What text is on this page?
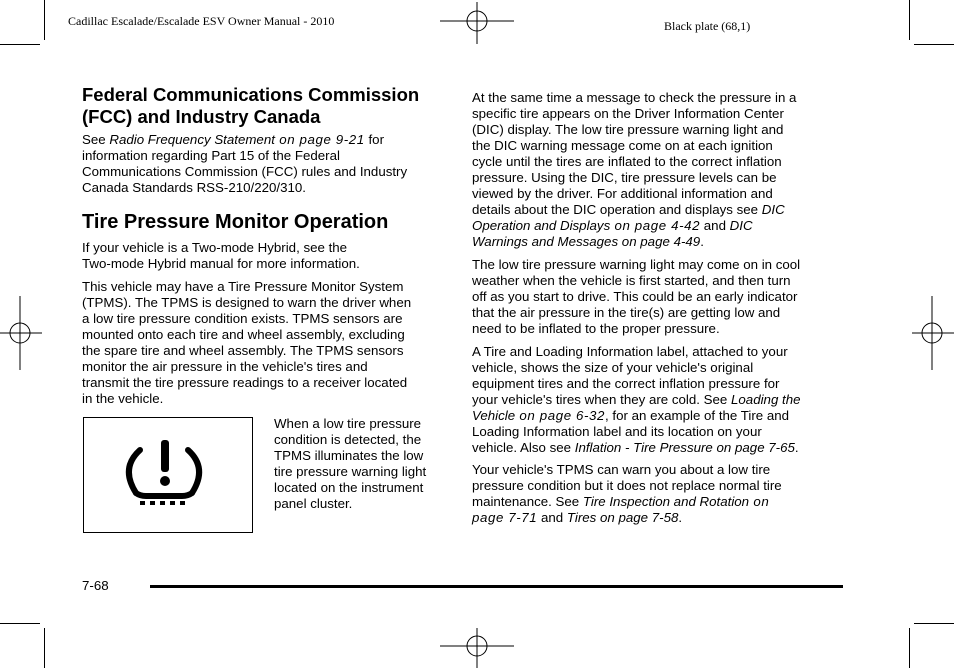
Cadillac Escalade/Escalade ESV Owner Manual - 2010	Black plate (68,1)
Federal Communications Commission
(FCC) and Industry Canada
See Radio Frequency Statement on page 9-21 for
information regarding Part 15 of the Federal
Communications Commission (FCC) rules and Industry
Canada Standards RSS-210/220/310.
Tire Pressure Monitor Operation
If your vehicle is a Two-mode Hybrid, see the
Two-mode Hybrid manual for more information.
This vehicle may have a Tire Pressure Monitor System
(TPMS). The TPMS is designed to warn the driver when
a low tire pressure condition exists. TPMS sensors are
mounted onto each tire and wheel assembly, excluding
the spare tire and wheel assembly. The TPMS sensors
monitor the air pressure in the vehicle's tires and
transmit the tire pressure readings to a receiver located
in the vehicle.
When a low tire pressure
condition is detected, the
TPMS illuminates the low
tire pressure warning light
located on the instrument
panel cluster.
At the same time a message to check the pressure in a
specific tire appears on the Driver Information Center
(DIC) display. The low tire pressure warning light and
the DIC warning message come on at each ignition
cycle until the tires are inflated to the correct inflation
pressure. Using the DIC, tire pressure levels can be
viewed by the driver. For additional information and
details about the DIC operation and displays see DIC
Operation and Displays on page 4-42 and DIC
Warnings and Messages on page 4-49.
The low tire pressure warning light may come on in cool
weather when the vehicle is first started, and then turn
off as you start to drive. This could be an early indicator
that the air pressure in the tire(s) are getting low and
need to be inflated to the proper pressure.
A Tire and Loading Information label, attached to your
vehicle, shows the size of your vehicle's original
equipment tires and the correct inflation pressure for
your vehicle's tires when they are cold. See Loading the
Vehicle on page 6-32, for an example of the Tire and
Loading Information label and its location on your
vehicle. Also see Inflation - Tire Pressure on page 7-65.
Your vehicle's TPMS can warn you about a low tire
pressure condition but it does not replace normal tire
maintenance. See Tire Inspection and Rotation on
page 7-71 and Tires on page 7-58.
7-68
